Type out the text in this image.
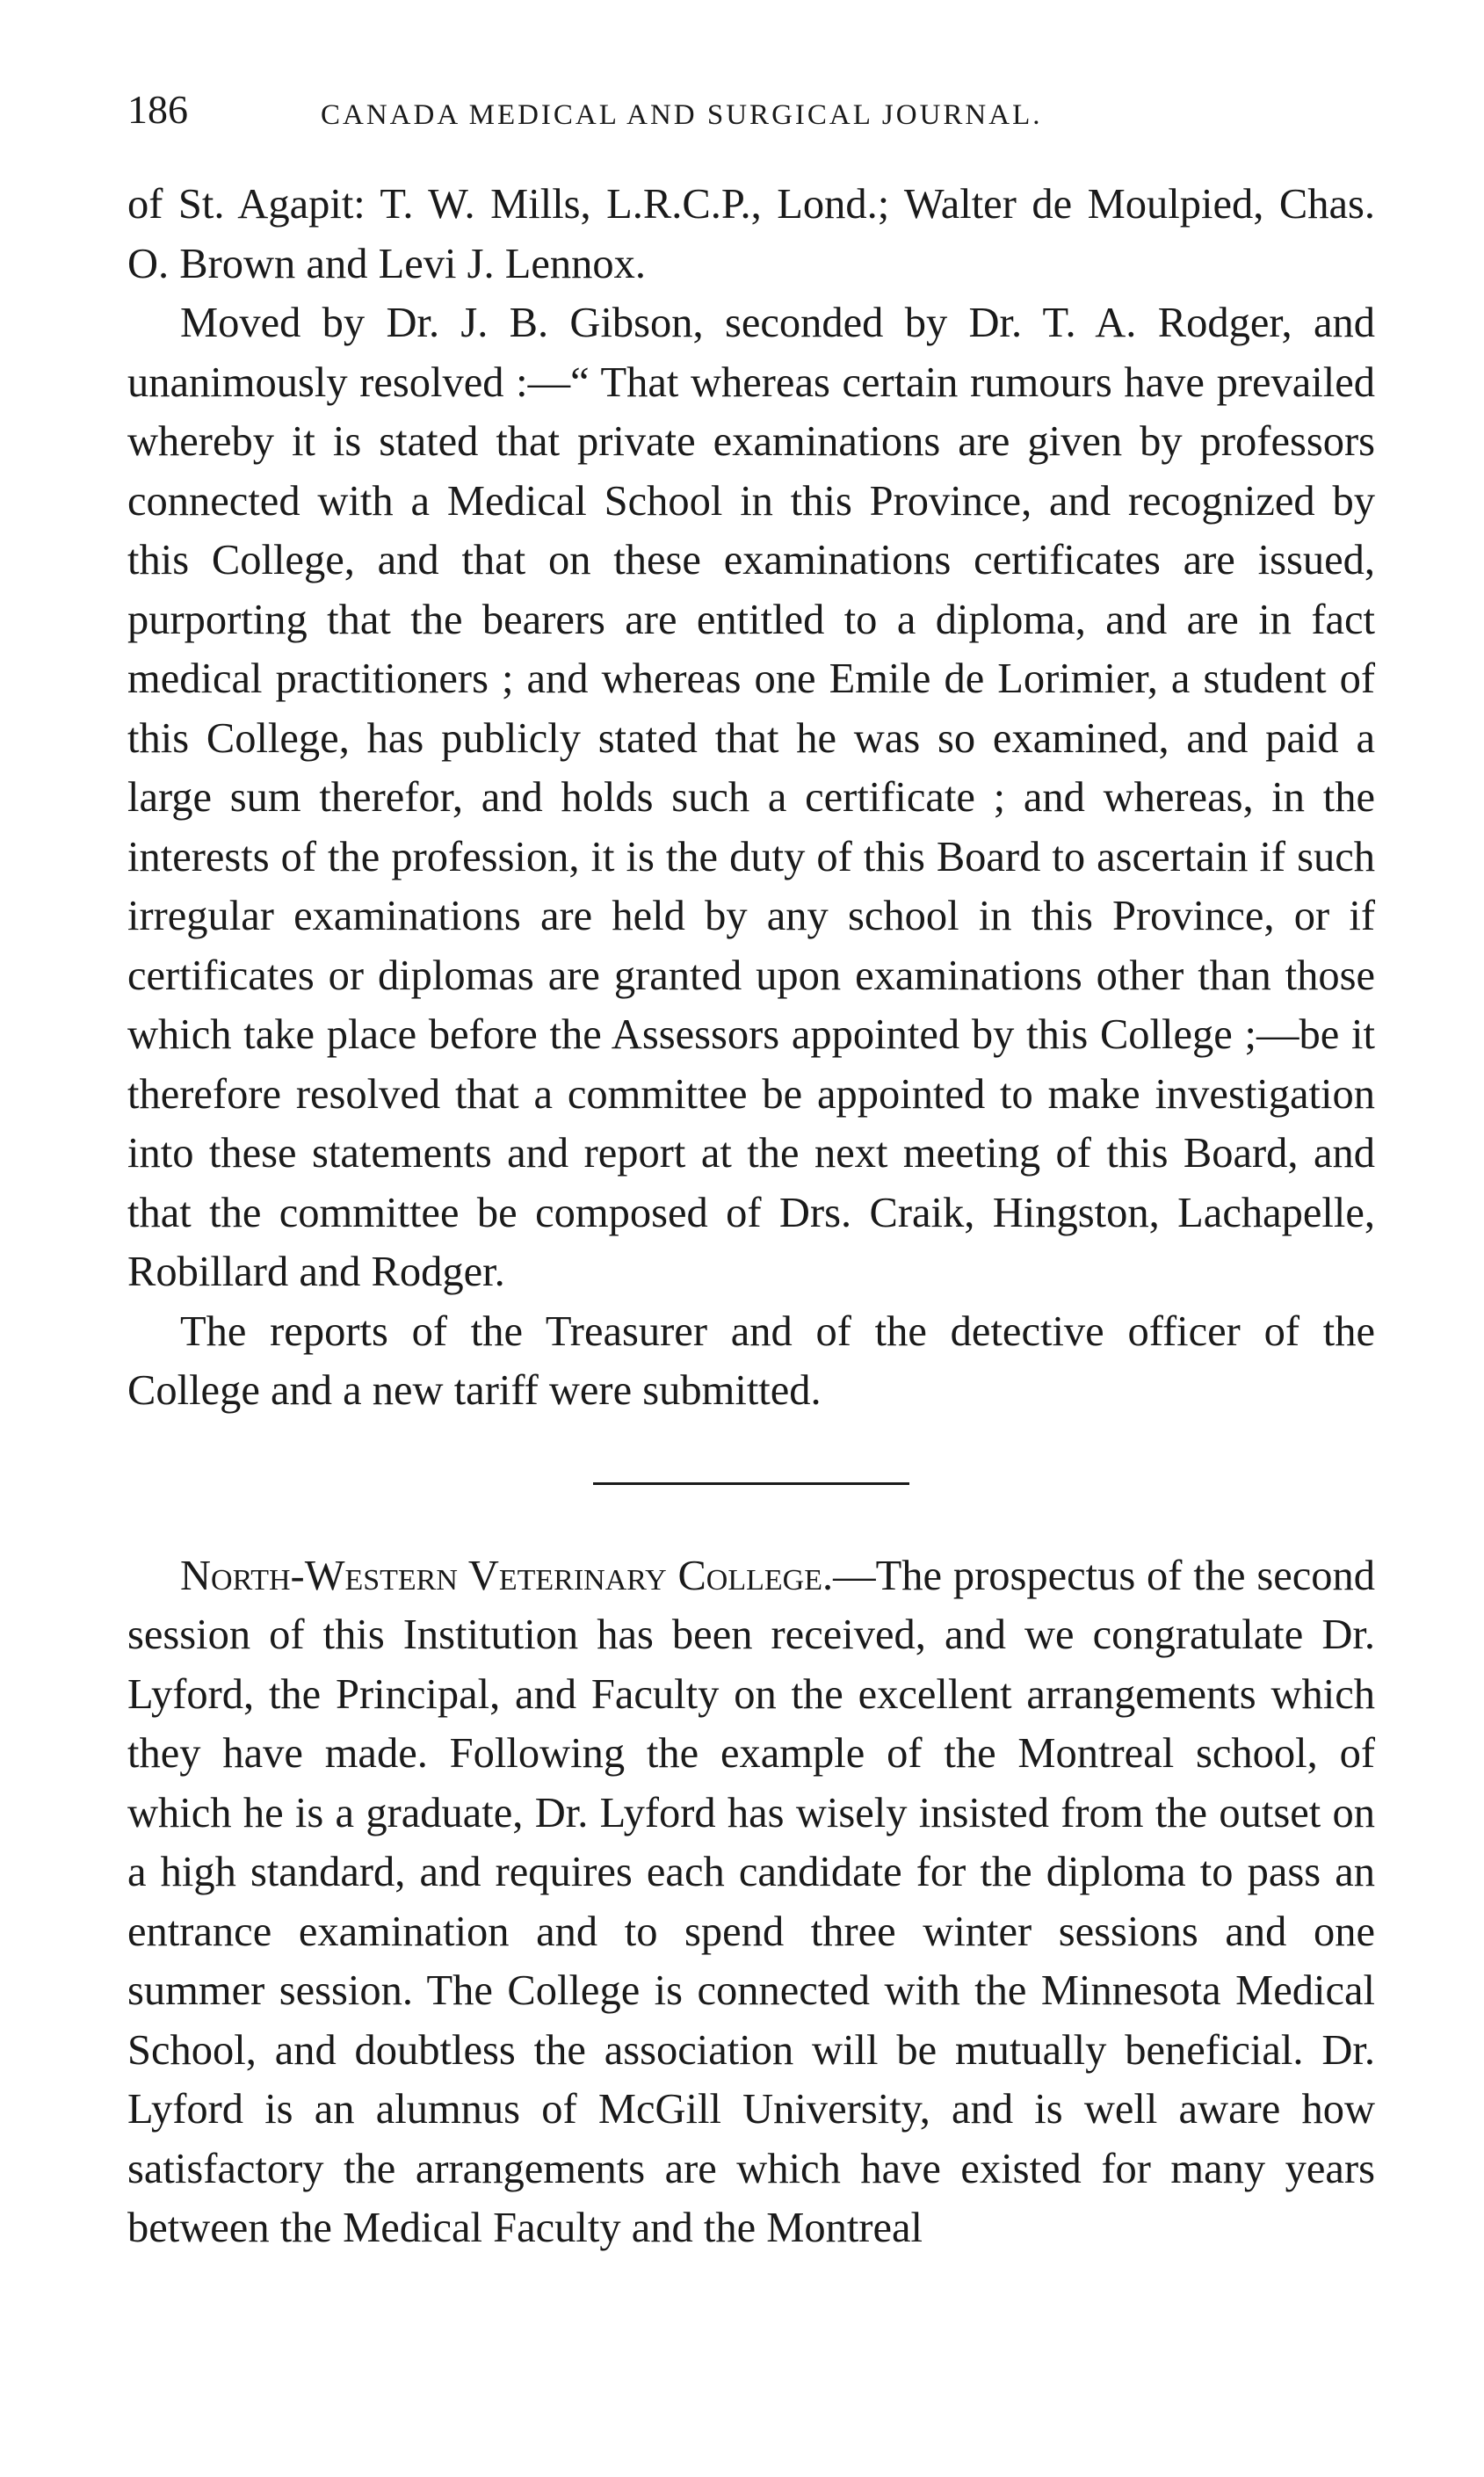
186	CANADA MEDICAL AND SURGICAL JOURNAL.

of St. Agapit: T. W. Mills, L.R.C.P., Lond.; Walter de Moulpied, Chas. O. Brown and Levi J. Lennox.

Moved by Dr. J. B. Gibson, seconded by Dr. T. A. Rodger, and unanimously resolved :—“ That whereas certain rumours have prevailed whereby it is stated that private examinations are given by professors connected with a Medical School in this Province, and recognized by this College, and that on these examinations certificates are issued, purporting that the bearers are entitled to a diploma, and are in fact medical practitioners ; and whereas one Emile de Lorimier, a student of this College, has publicly stated that he was so examined, and paid a large sum therefor, and holds such a certificate ; and whereas, in the interests of the profession, it is the duty of this Board to ascertain if such irregular examinations are held by any school in this Province, or if certificates or diplomas are granted upon examinations other than those which take place before the Assessors appointed by this College ;—be it therefore resolved that a committee be appointed to make investigation into these statements and report at the next meeting of this Board, and that the committee be composed of Drs. Craik, Hingston, Lachapelle, Robillard and Rodger.

The reports of the Treasurer and of the detective officer of the College and a new tariff were submitted.

North-Western Veterinary College.—The prospectus of the second session of this Institution has been received, and we congratulate Dr. Lyford, the Principal, and Faculty on the excellent arrangements which they have made. Following the example of the Montreal school, of which he is a graduate, Dr. Lyford has wisely insisted from the outset on a high standard, and requires each candidate for the diploma to pass an entrance examination and to spend three winter sessions and one summer session. The College is connected with the Minnesota Medical School, and doubtless the association will be mutually beneficial. Dr. Lyford is an alumnus of McGill University, and is well aware how satisfactory the arrangements are which have existed for many years between the Medical Faculty and the Montreal
